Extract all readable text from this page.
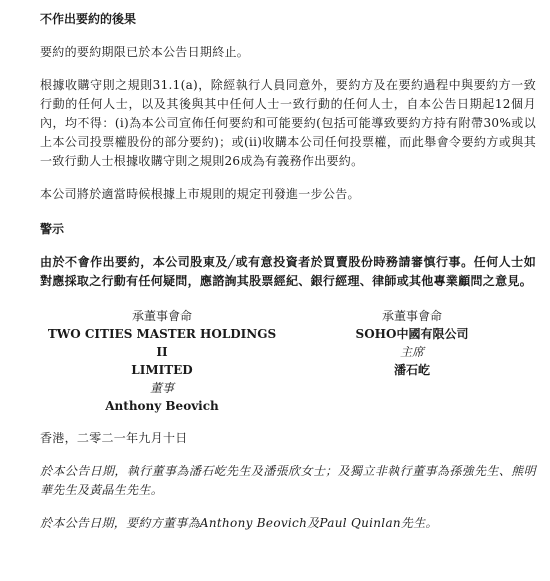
不作出要約的後果

要約的要約期限已於本公告日期終止。

根據收購守則之規則31.1(a)，除經執行人員同意外，要約方及在要約過程中與要約方一致行動的任何人士，以及其後與其中任何人士一致行動的任何人士，自本公告日期起12個月內，均不得：(i)為本公司宣佈任何要約和可能要約(包括可能導致要約方持有附帶30%或以上本公司投票權股份的部分要約)；或(ii)收購本公司任何投票權，而此舉會令要約方或與其一致行動人士根據收購守則之規則26成為有義務作出要約。

本公司將於適當時候根據上市規則的規定刊發進一步公告。

警示

由於不會作出要約，本公司股東及╱或有意投資者於買賣股份時務請審慎行事。任何人士如對應採取之行動有任何疑問，應諮詢其股票經紀、銀行經理、律師或其他專業顧問之意見。

承董事會命
TWO CITIES MASTER HOLDINGS II
LIMITED
董事
Anthony Beovich
承董事會命
SOHO中國有限公司
主席
潘石屹

香港，二零二一年九月十日

於本公告日期，執行董事為潘石屹先生及潘張欣女士；及獨立非執行董事為孫強先生、熊明華先生及黃晶生先生。

於本公告日期，要約方董事為Anthony Beovich及Paul Quinlan先生。
